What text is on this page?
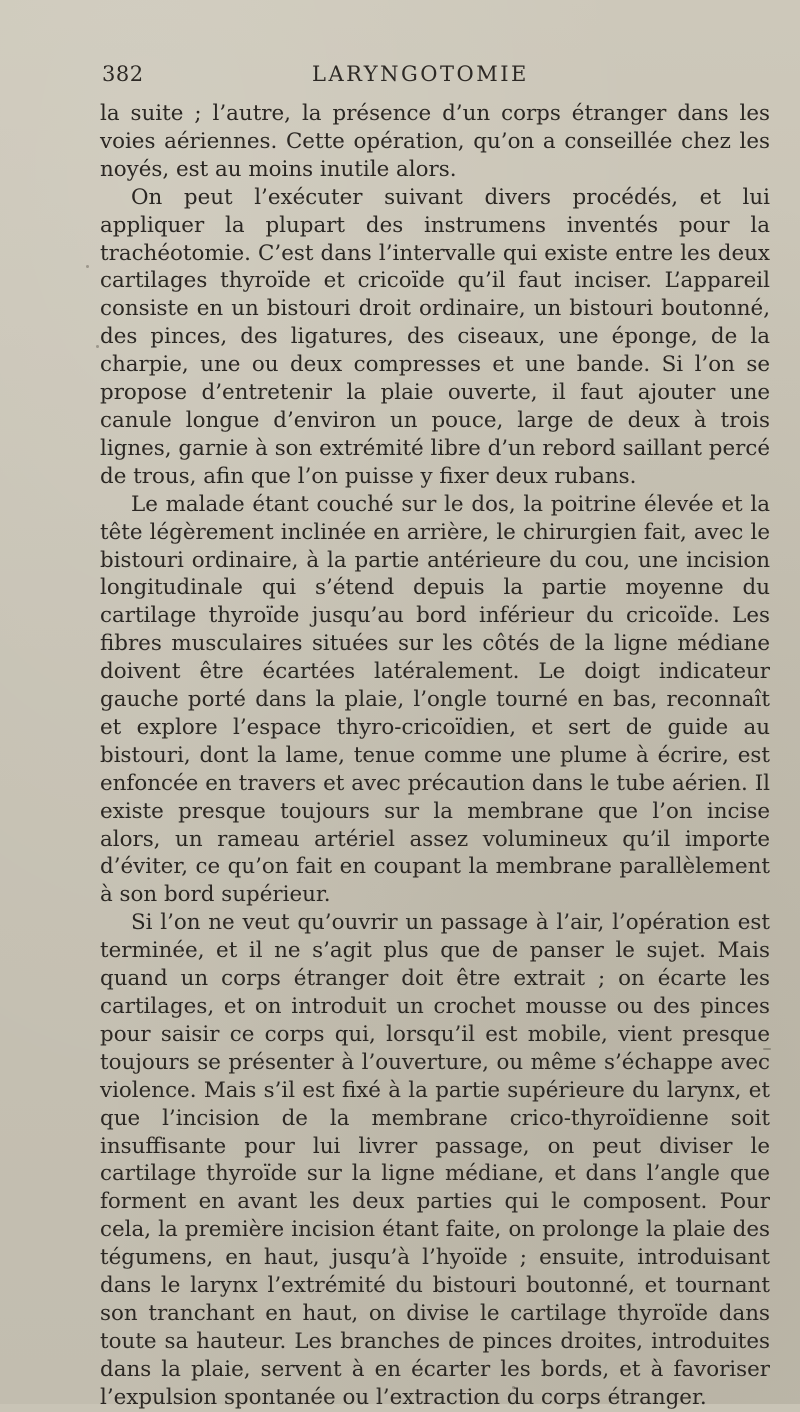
382	LARYNGOTOMIE

la suite ; l’autre, la présence d’un corps étranger dans les voies aériennes. Cette opération, qu’on a conseillée chez les noyés, est au moins inutile alors.

On peut l’exécuter suivant divers procédés, et lui appliquer la plupart des instrumens inventés pour la trachéotomie. C’est dans l’intervalle qui existe entre les deux cartilages thyroïde et cricoïde qu’il faut inciser. L’appareil consiste en un bistouri droit ordinaire, un bistouri boutonné, des pinces, des ligatures, des ciseaux, une éponge, de la charpie, une ou deux compresses et une bande. Si l’on se propose d’entretenir la plaie ouverte, il faut ajouter une canule longue d’environ un pouce, large de deux à trois lignes, garnie à son extrémité libre d’un rebord saillant percé de trous, afin que l’on puisse y fixer deux rubans.

Le malade étant couché sur le dos, la poitrine élevée et la tête légèrement inclinée en arrière, le chirurgien fait, avec le bistouri ordinaire, à la partie antérieure du cou, une incision longitudinale qui s’étend depuis la partie moyenne du cartilage thyroïde jusqu’au bord inférieur du cricoïde. Les fibres musculaires situées sur les côtés de la ligne médiane doivent être écartées latéralement. Le doigt indicateur gauche porté dans la plaie, l’ongle tourné en bas, reconnaît et explore l’espace thyro-cricoïdien, et sert de guide au bistouri, dont la lame, tenue comme une plume à écrire, est enfoncée en travers et avec précaution dans le tube aérien. Il existe presque toujours sur la membrane que l’on incise alors, un rameau artériel assez volumineux qu’il importe d’éviter, ce qu’on fait en coupant la membrane parallèlement à son bord supérieur.

Si l’on ne veut qu’ouvrir un passage à l’air, l’opération est terminée, et il ne s’agit plus que de panser le sujet. Mais quand un corps étranger doit être extrait ; on écarte les cartilages, et on introduit un crochet mousse ou des pinces pour saisir ce corps qui, lorsqu’il est mobile, vient presque toujours se présenter à l’ouverture, ou même s’échappe avec violence. Mais s’il est fixé à la partie supérieure du larynx, et que l’incision de la membrane crico-thyroïdienne soit insuffisante pour lui livrer passage, on peut diviser le cartilage thyroïde sur la ligne médiane, et dans l’angle que forment en avant les deux parties qui le composent. Pour cela, la première incision étant faite, on prolonge la plaie des tégumens, en haut, jusqu’à l’hyoïde ; ensuite, introduisant dans le larynx l’extrémité du bistouri boutonné, et tournant son tranchant en haut, on divise le cartilage thyroïde dans toute sa hauteur. Les branches de pinces droites, introduites dans la plaie, servent à en écarter les bords, et à favoriser l’expulsion spontanée ou l’extraction du corps étranger.
